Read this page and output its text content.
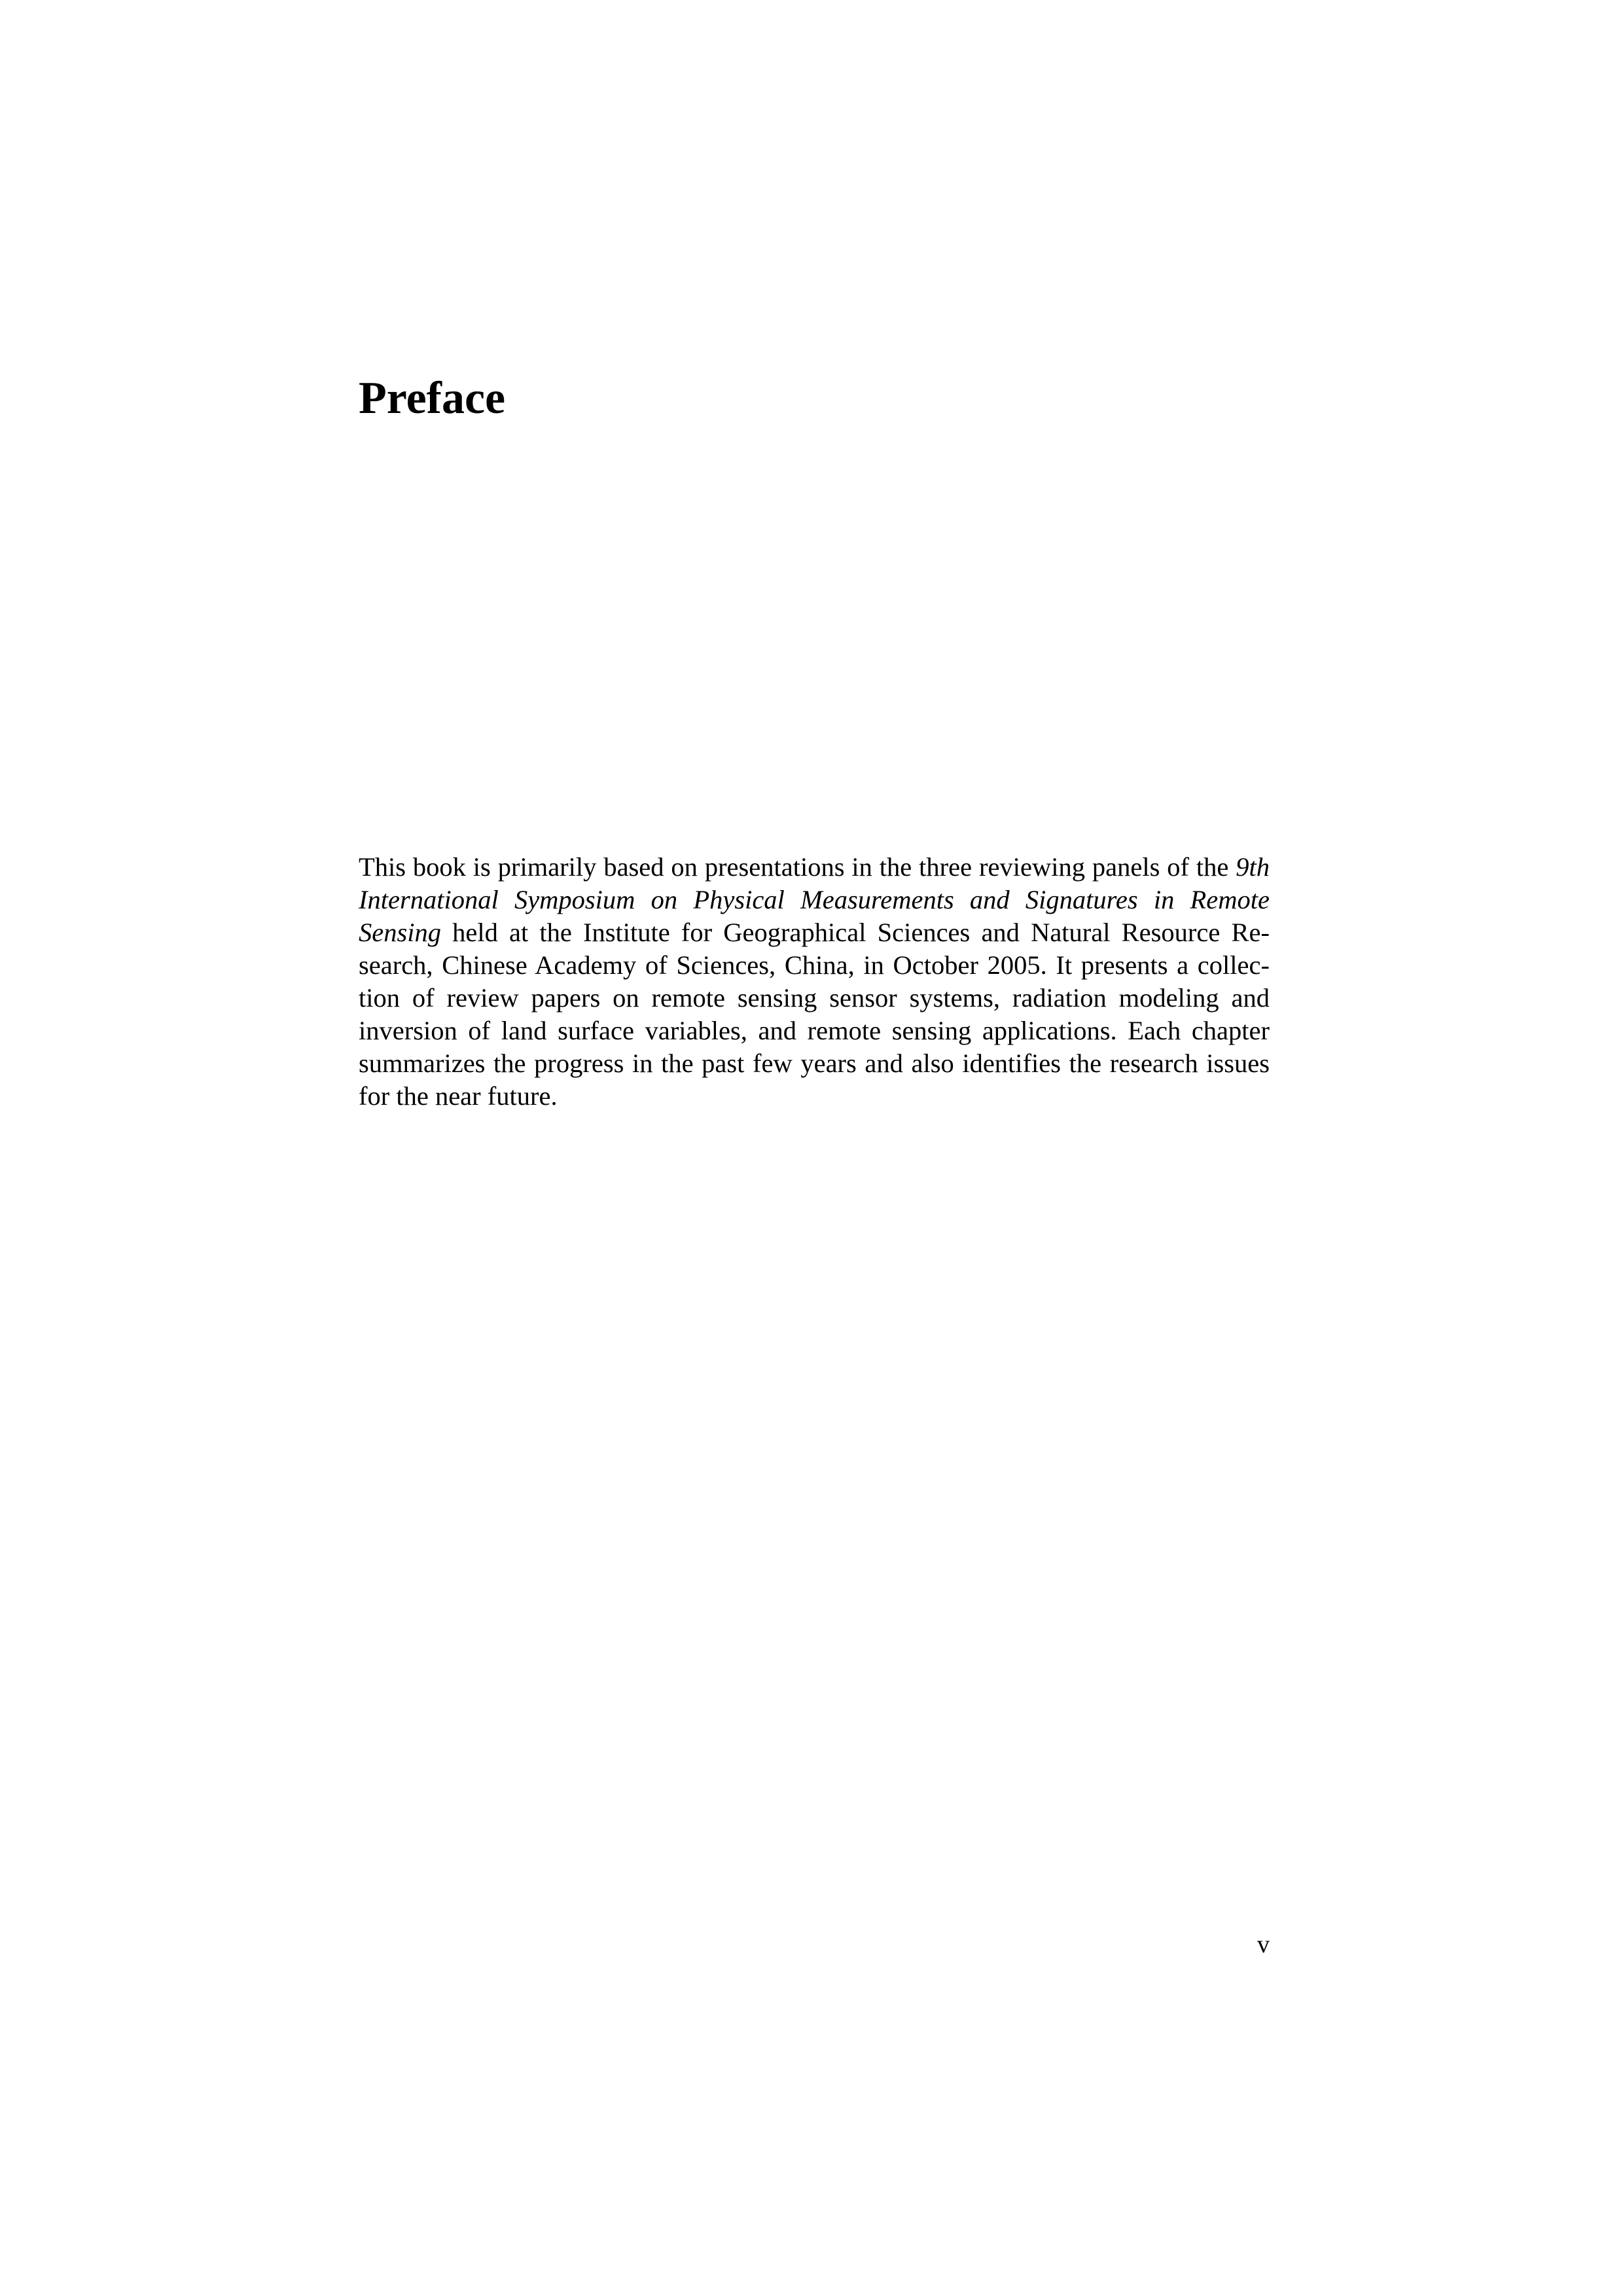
Preface

This book is primarily based on presentations in the three reviewing panels of the 9th International Symposium on Physical Measurements and Signatures in Remote Sensing held at the Institute for Geographical Sciences and Natural Resource Research, Chinese Academy of Sciences, China, in October 2005. It presents a collection of review papers on remote sensing sensor systems, radiation modeling and inversion of land surface variables, and remote sensing applications. Each chapter summarizes the progress in the past few years and also identifies the research issues for the near future.

v
